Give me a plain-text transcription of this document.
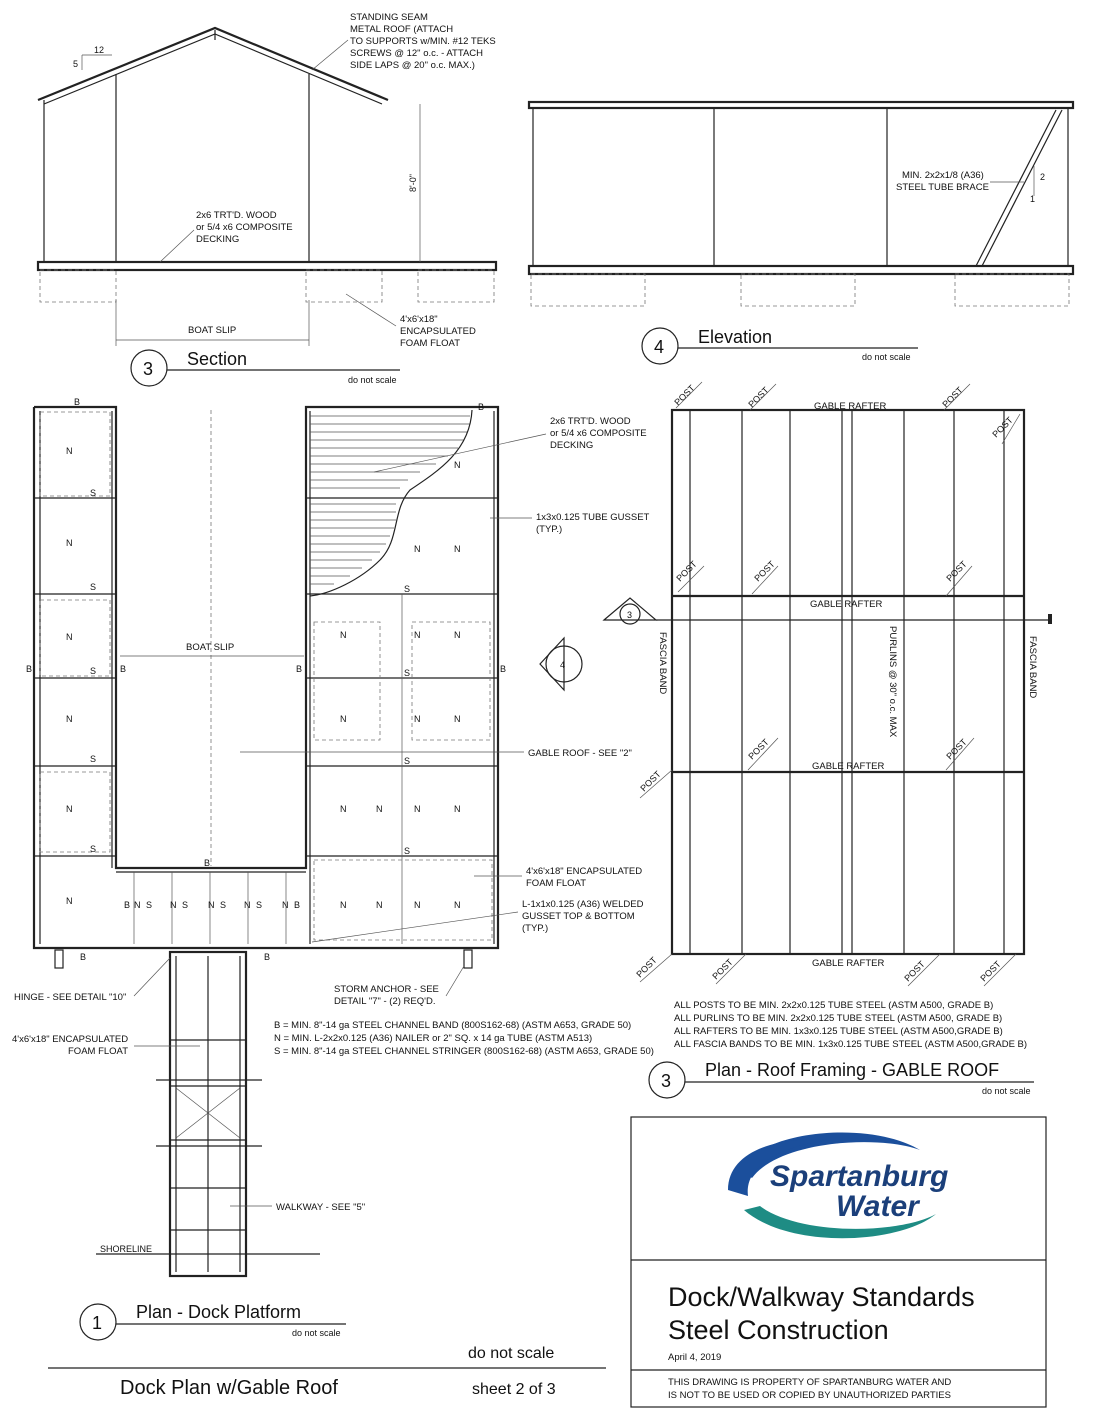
12
5
8'-0"
STANDING SEAM
METAL ROOF (ATTACH
TO SUPPORTS w/MIN. #12 TEKS
SCREWS @ 12" o.c. - ATTACH
SIDE LAPS @ 20" o.c. MAX.)
2x6 TRT'D. WOOD
or 5/4 x6 COMPOSITE
DECKING
4'x6'x18"
ENCAPSULATED
FOAM FLOAT
BOAT SLIP
3 Section
do not scale
MIN. 2x2x1/8 (A36)
STEEL TUBE BRACE
2
1
4 Elevation
do not scale
BOAT SLIP
N
N
N
N
N
N
S
S
S
S
S
B	B
B
B
B
B	B	B	B
N
N	N
N	N	N
N	N	N
N	N	N	N
N	N	N	N
S
S
S
S
B N S N S N S N S N B
SHORELINE
2x6 TRT'D. WOOD
or 5/4 x6 COMPOSITE
DECKING
1x3x0.125 TUBE GUSSET
(TYP.)
GABLE ROOF - SEE "2"
4'x6'x18" ENCAPSULATED
FOAM FLOAT
L-1x1x0.125 (A36) WELDED
GUSSET TOP & BOTTOM
(TYP.)
STORM ANCHOR - SEE
DETAIL "7" - (2) REQ'D.
HINGE - SEE DETAIL "10"
4'x6'x18" ENCAPSULATED
FOAM FLOAT
B = MIN. 8"-14 ga STEEL CHANNEL BAND (800S162-68) (ASTM A653, GRADE 50)
N = MIN. L-2x2x0.125 (A36) NAILER or 2" SQ. x 14 ga TUBE (ASTM A513)
S = MIN. 8"-14 ga STEEL CHANNEL STRINGER (800S162-68) (ASTM A653, GRADE 50)
WALKWAY - SEE "5"
3
4
1
Plan - Dock Platform
do not scale
GABLE RAFTER
GABLE RAFTER
GABLE RAFTER
GABLE RAFTER
FASCIA BAND	FASCIA BAND
PURLINS @ 30" o.c. MAX
POST	POST	POST
POST
POST	POST	POST
POST
POST	POST
POST	POST	POST	POST
ALL POSTS TO BE MIN. 2x2x0.125 TUBE STEEL (ASTM A500, GRADE B)
ALL PURLINS TO BE MIN. 2x2x0.125 TUBE STEEL (ASTM A500, GRADE B)
ALL RAFTERS TO BE MIN. 1x3x0.125 TUBE STEEL (ASTM A500,GRADE B)
ALL FASCIA BANDS TO BE MIN. 1x3x0.125 TUBE STEEL (ASTM A500,GRADE B)
3
Plan - Roof Framing - GABLE ROOF
do not scale
Spartanburg
Water
Dock/Walkway Standards
Steel Construction
April 4, 2019
THIS DRAWING IS PROPERTY OF SPARTANBURG WATER AND
IS NOT TO BE USED OR COPIED BY UNAUTHORIZED PARTIES
do not scale
Dock Plan w/Gable Roof	sheet 2 of 3
